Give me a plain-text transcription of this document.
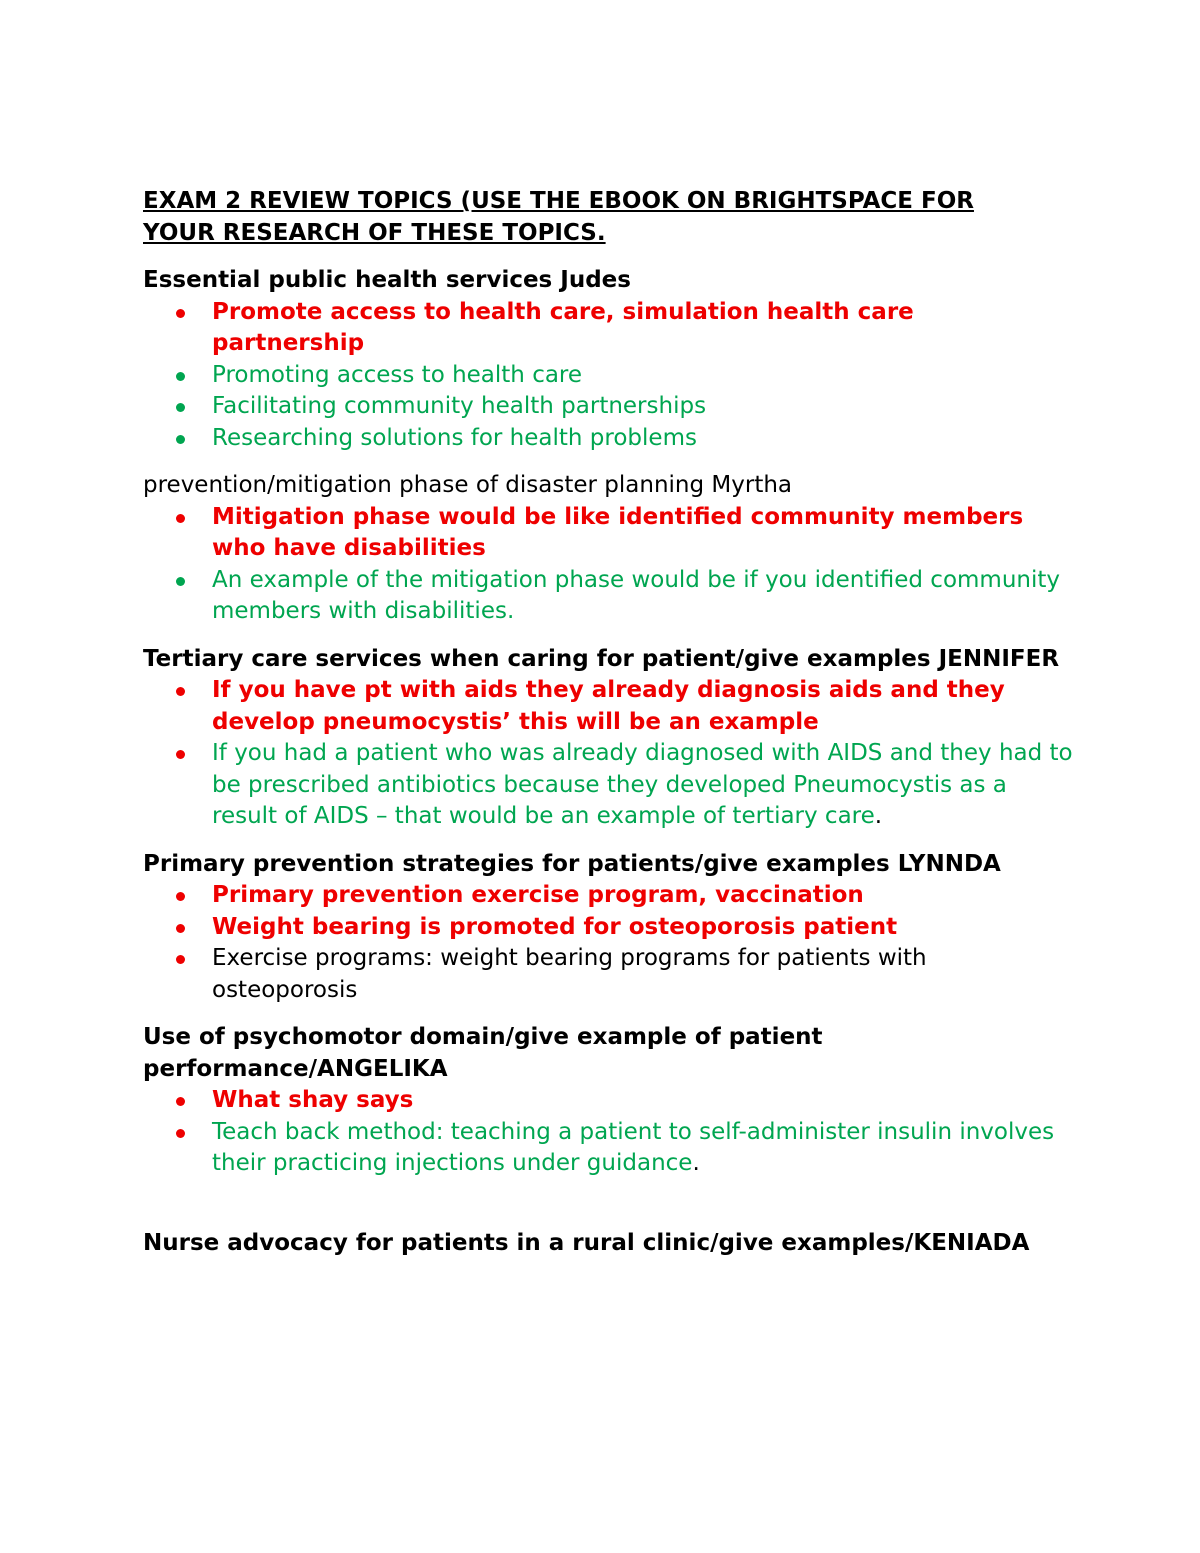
EXAM 2 REVIEW TOPICS (USE THE EBOOK ON BRIGHTSPACE FOR
YOUR RESEARCH OF THESE TOPICS.

Essential public health services Judes

Promote access to health care, simulation health care partnership
Promoting access to health care
Facilitating community health partnerships
Researching solutions for health problems

prevention/mitigation phase of disaster planning Myrtha

Mitigation phase would be like identified community members who have disabilities
An example of the mitigation phase would be if you identified community members with disabilities.

Tertiary care services when caring for patient/give examples JENNIFER

If you have pt with aids they already diagnosis aids and they develop pneumocystis’ this will be an example
If you had a patient who was already diagnosed with AIDS and they had to be prescribed antibiotics because they developed Pneumocystis as a result of AIDS – that would be an example of tertiary care.

Primary prevention strategies for patients/give examples LYNNDA

Primary prevention exercise program, vaccination
Weight bearing is promoted for osteoporosis patient
Exercise programs: weight bearing programs for patients with osteoporosis

Use of psychomotor domain/give example of patient performance/ANGELIKA

What shay says
Teach back method: teaching a patient to self-administer insulin involves their practicing injections under guidance.

Nurse advocacy for patients in a rural clinic/give examples/KENIADA
